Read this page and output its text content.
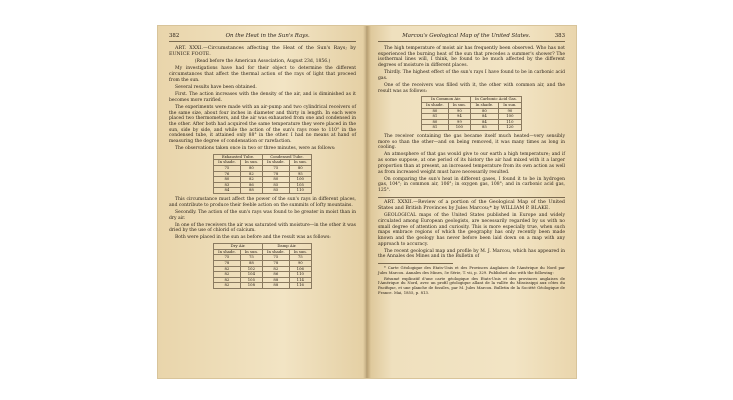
382	On the Heat in the Sun's Rays.

ART. XXXI.—Circumstances affecting the Heat of the Sun's Rays; by EUNICE FOOTE.

(Read before the American Association, August 23d, 1856.)

My investigations have had for their object to determine the different circumstances that affect the thermal action of the rays of light that proceed from the sun.

Several results have been obtained.

First. The action increases with the density of the air, and is diminished as it becomes more rarified.

The experiments were made with an air-pump and two cylindrical receivers of the same size, about four inches in diameter and thirty in length. In each were placed two thermometers, and the air was exhausted from one and condensed in the other. After both had acquired the same temperature they were placed in the sun, side by side, and while the action of the sun's rays rose to 110° in the condensed tube, it attained only 88° in the other. I had no means at hand of measuring the degree of condensation or rarefaction.

The observations taken once in two or three minutes, were as follows:

Exhausted Tube.		Condensed Tube.	
In shade.	In sun.	In shade.	In sun.
75	80	75	80
76	82	78	95
80	82	80	100
83	86	85	105
84	88	85	110

This circumstance must affect the power of the sun's rays in different places, and contribute to produce their feeble action on the summits of lofty mountains.

Secondly. The action of the sun's rays was found to be greater in moist than in dry air.

In one of the receivers the air was saturated with moisture—in the other it was dried by the use of chlorid of calcium.

Both were placed in the sun as before and the result was as follows:

Dry Air.		Damp Air.	
In shade.	In sun.	In shade.	In sun.
75	75	75	75
78	88	78	90
82	102	82	106
82	104	86	110
82	105	88	114
82	108	88	116
Marcou's Geological Map of the United States.	383

The high temperature of moist air has frequently been observed. Who has not experienced the burning heat of the sun that precedes a summer's shower? The isothermal lines will, I think, be found to be much affected by the different degrees of moisture in different places.

Thirdly. The highest effect of the sun's rays I have found to be in carbonic acid gas.

One of the receivers was filled with it, the other with common air, and the result was as follows:

In Common Air.		In Carbonic Acid Gas.	
In shade.	In sun.	In shade.	In sun.
80	90	80	90
81	94	84	100
80	99	84	110
81	100	85	120

The receiver containing the gas became itself much heated—very sensibly more so than the other—and on being removed, it was many times as long in cooling.

An atmosphere of that gas would give to our earth a high temperature; and if as some suppose, at one period of its history the air had mixed with it a larger proportion than at present, an increased temperature from its own action as well as from increased weight must have necessarily resulted.

On comparing the sun's heat in different gases, I found it to be in hydrogen gas, 104°; in common air, 106°; in oxygen gas, 108°; and in carbonic acid gas, 125°.

ART. XXXII.—Review of a portion of the Geological Map of the United States and British Provinces by Jules Marcou;* by WILLIAM P. BLAKE.

GEOLOGICAL maps of the United States published in Europe and widely circulated among European geologists, are necessarily regarded by us with no small degree of attention and curiosity. This is more especially true, when such maps embrace regions of which the geography has only recently been made known and the geology has never before been laid down on a map with any approach to accuracy.

The recent geological map and profile by M. J. Marcou, which has appeared in the Annales des Mines and in the Bulletin of

* Carte Géologique des Etats-Unis et des Provinces Anglaises de l'Amérique du Nord par Jules Marcou. Annales des Mines, 5e Série, T. vii, p. 329. Published also with the following:

Résumé explicatif d'une carte géologique des Etats-Unis et des provinces anglaises de l'Amérique du Nord, avec un profil géologique allant de la vallée du Mississippi aux côtes du Pacifique, et une planche de fossiles, par M. Jules Marcou. Bulletin de la Société Géologique de France. Mai, 1855, p. 813.
